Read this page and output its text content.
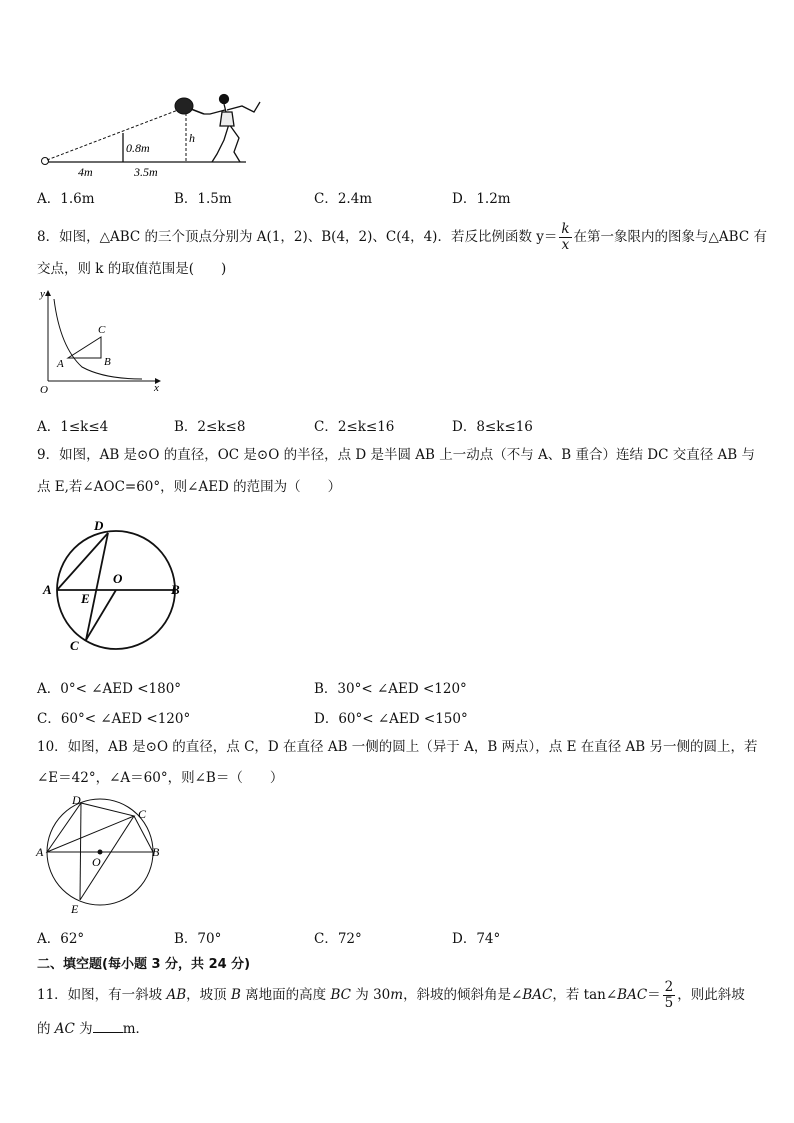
0.8m
h
4m	3.5m
A．1.6m	B．1.5m	C．2.4m	D．1.2m
8．如图，△ABC 的三个顶点分别为 A(1，2)、B(4，2)、C(4，4)．若反比例函数 $y= \frac{k}{x}$ 在第一象限内的图象与△ABC 有
交点，则 k 的取值范围是(　　)
y
x
O
A	B
C
A．1≤k≤4	B．2≤k≤8	C．2≤k≤16	D．8≤k≤16
9．如图，AB 是⊙O 的直径，OC 是⊙O 的半径，点 D 是半圆 AB 上一动点（不与 A、B 重合）连结 DC 交直径 AB 与
点 E,若∠AOC=60°，则∠AED 的范围为（　　）
D
A
O
B
E
C
A．0°< ∠AED <180°	B．30°< ∠AED <120°
C．60°< ∠AED <120°	D．60°< ∠AED <150°
10．如图，AB 是⊙O 的直径，点 C，D 在直径 AB 一侧的圆上（异于 A，B 两点），点 E 在直径 AB 另一侧的圆上，若
∠E＝42°，∠A＝60°，则∠B＝（　　）
D
C
A
O
B
E
A．62°	B．70°	C．72°	D．74°
二、填空题(每小题 3 分，共 24 分)
11．如图，有一斜坡 AB，坡顶 B 离地面的高度 BC 为 30m，斜坡的倾斜角是∠BAC，若 tan∠BAC＝ $\frac{2}{5}$ ，则此斜坡
的 AC 为 m．
